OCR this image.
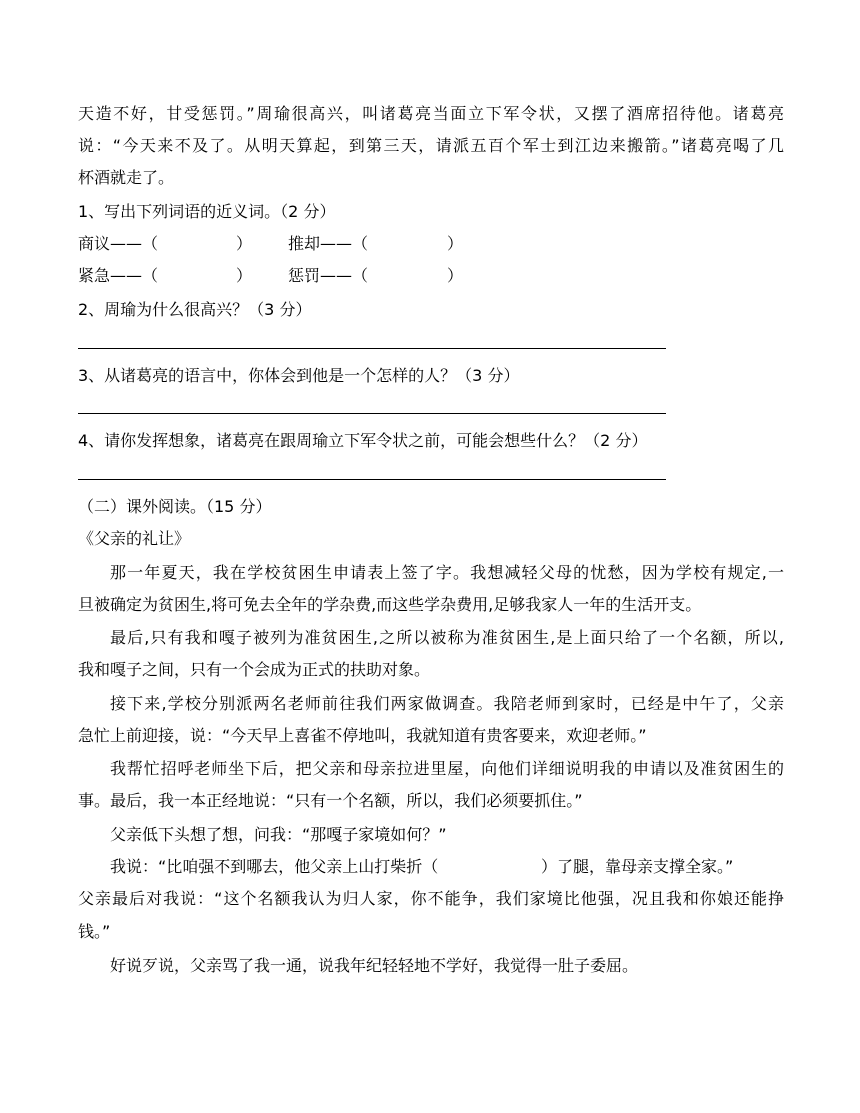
天造不好，甘受惩罚。”周瑜很高兴，叫诸葛亮当面立下军令状，又摆了酒席招待他。诸葛亮
说：“今天来不及了。从明天算起，到第三天，请派五百个军士到江边来搬箭。”诸葛亮喝了几
杯酒就走了。
1、写出下列词语的近义词。（2 分）
商议——（	） 推却——（	）
紧急——（	） 惩罚——（	）
2、周瑜为什么很高兴？（3 分）
3、从诸葛亮的语言中，你体会到他是一个怎样的人？（3 分）
4、请你发挥想象，诸葛亮在跟周瑜立下军令状之前，可能会想些什么？（2 分）
（二）课外阅读。（15 分）
《父亲的礼让》
那一年夏天，我在学校贫困生申请表上签了字。我想减轻父母的忧愁，因为学校有规定,一
旦被确定为贫困生,将可免去全年的学杂费,而这些学杂费用,足够我家人一年的生活开支。
最后,只有我和嘎子被列为准贫困生,之所以被称为准贫困生,是上面只给了一个名额，所以,
我和嘎子之间，只有一个会成为正式的扶助对象。
接下来,学校分别派两名老师前往我们两家做调查。我陪老师到家时，已经是中午了，父亲
急忙上前迎接，说：“今天早上喜雀不停地叫，我就知道有贵客要来，欢迎老师。”
我帮忙招呼老师坐下后，把父亲和母亲拉进里屋，向他们详细说明我的申请以及准贫困生的
事。最后，我一本正经地说：“只有一个名额，所以，我们必须要抓住。”
父亲低下头想了想，问我：“那嘎子家境如何？”
我说：“比咱强不到哪去，他父亲上山打柴折（	）了腿，靠母亲支撑全家。”
父亲最后对我说：“这个名额我认为归人家，你不能争，我们家境比他强，况且我和你娘还能挣
钱。”
好说歹说，父亲骂了我一通，说我年纪轻轻地不学好，我觉得一肚子委屈。
